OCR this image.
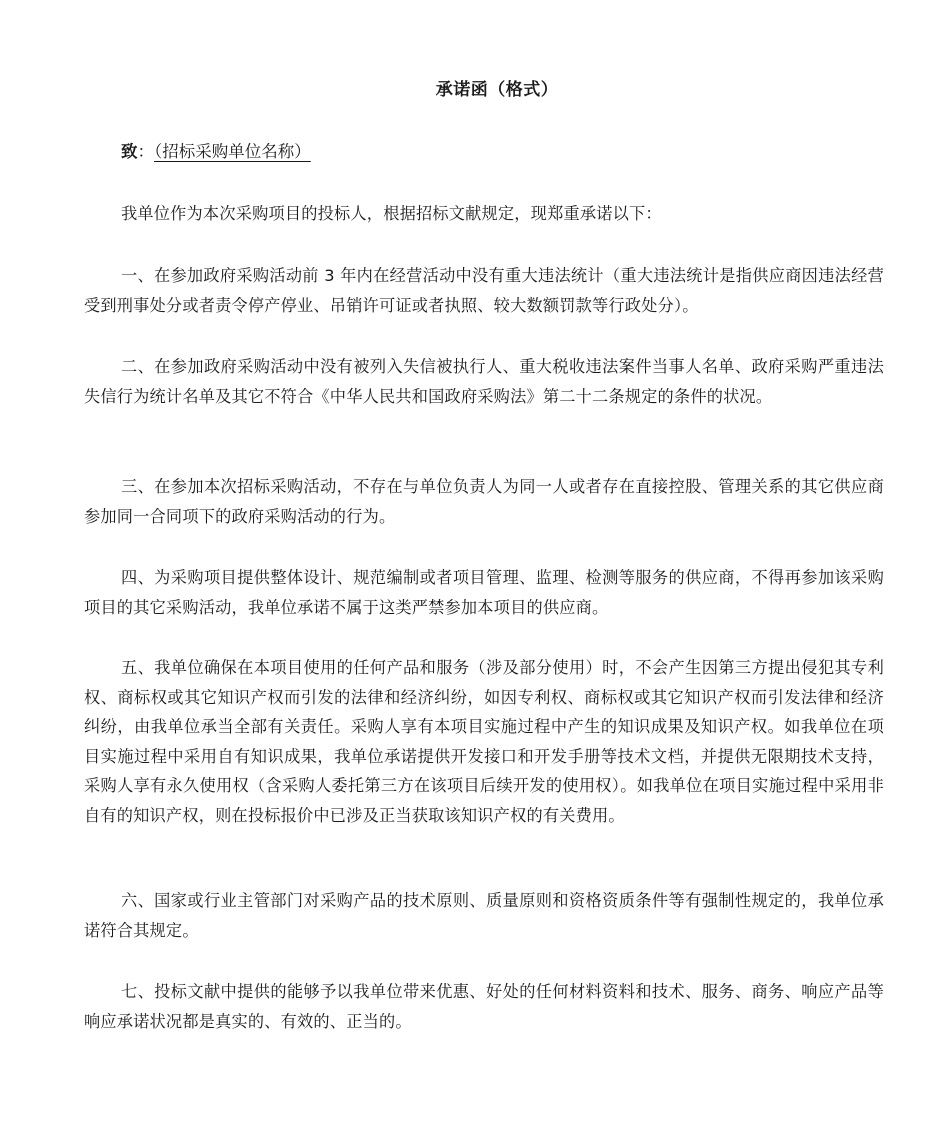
承诺函（格式）
致：（招标采购单位名称）

我单位作为本次采购项目的投标人，根据招标文献规定，现郑重承诺以下：

一、在参加政府采购活动前 3 年内在经营活动中没有重大违法统计（重大违法统计是指供应商因违法经营受到刑事处分或者责令停产停业、吊销许可证或者执照、较大数额罚款等行政处分）。

二、在参加政府采购活动中没有被列入失信被执行人、重大税收违法案件当事人名单、政府采购严重违法失信行为统计名单及其它不符合《中华人民共和国政府采购法》第二十二条规定的条件的状况。

三、在参加本次招标采购活动，不存在与单位负责人为同一人或者存在直接控股、管理关系的其它供应商参加同一合同项下的政府采购活动的行为。

四、为采购项目提供整体设计、规范编制或者项目管理、监理、检测等服务的供应商，不得再参加该采购项目的其它采购活动，我单位承诺不属于这类严禁参加本项目的供应商。

五、我单位确保在本项目使用的任何产品和服务（涉及部分使用）时，不会产生因第三方提出侵犯其专利权、商标权或其它知识产权而引发的法律和经济纠纷，如因专利权、商标权或其它知识产权而引发法律和经济纠纷，由我单位承当全部有关责任。采购人享有本项目实施过程中产生的知识成果及知识产权。如我单位在项目实施过程中采用自有知识成果，我单位承诺提供开发接口和开发手册等技术文档，并提供无限期技术支持，采购人享有永久使用权（含采购人委托第三方在该项目后续开发的使用权）。如我单位在项目实施过程中采用非自有的知识产权，则在投标报价中已涉及正当获取该知识产权的有关费用。

六、国家或行业主管部门对采购产品的技术原则、质量原则和资格资质条件等有强制性规定的，我单位承诺符合其规定。

七、投标文献中提供的能够予以我单位带来优惠、好处的任何材料资料和技术、服务、商务、响应产品等响应承诺状况都是真实的、有效的、正当的。
